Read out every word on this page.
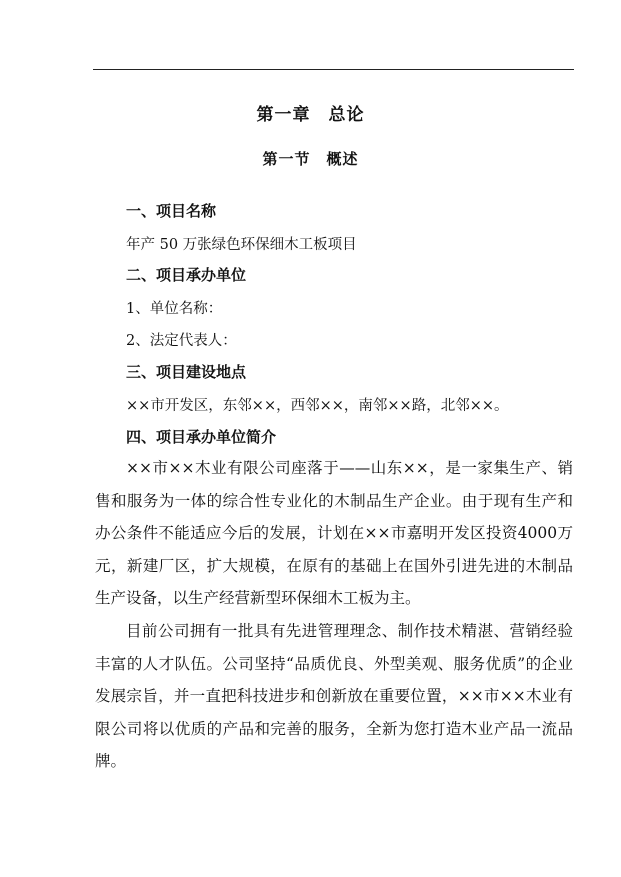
第一章　总论
第一节　概述
一、项目名称
年产 50 万张绿色环保细木工板项目
二、项目承办单位
1、单位名称：
2、法定代表人：
三、项目建设地点
××市开发区，东邻××，西邻××，南邻××路，北邻××。
四、项目承办单位简介

××市××木业有限公司座落于——山东××，是一家集生产、销售和服务为一体的综合性专业化的木制品生产企业。由于现有生产和办公条件不能适应今后的发展，计划在××市嘉明开发区投资4000万元，新建厂区，扩大规模，在原有的基础上在国外引进先进的木制品生产设备，以生产经营新型环保细木工板为主。

目前公司拥有一批具有先进管理理念、制作技术精湛、营销经验丰富的人才队伍。公司坚持“品质优良、外型美观、服务优质”的企业发展宗旨，并一直把科技进步和创新放在重要位置，××市××木业有限公司将以优质的产品和完善的服务，全新为您打造木业产品一流品牌。
